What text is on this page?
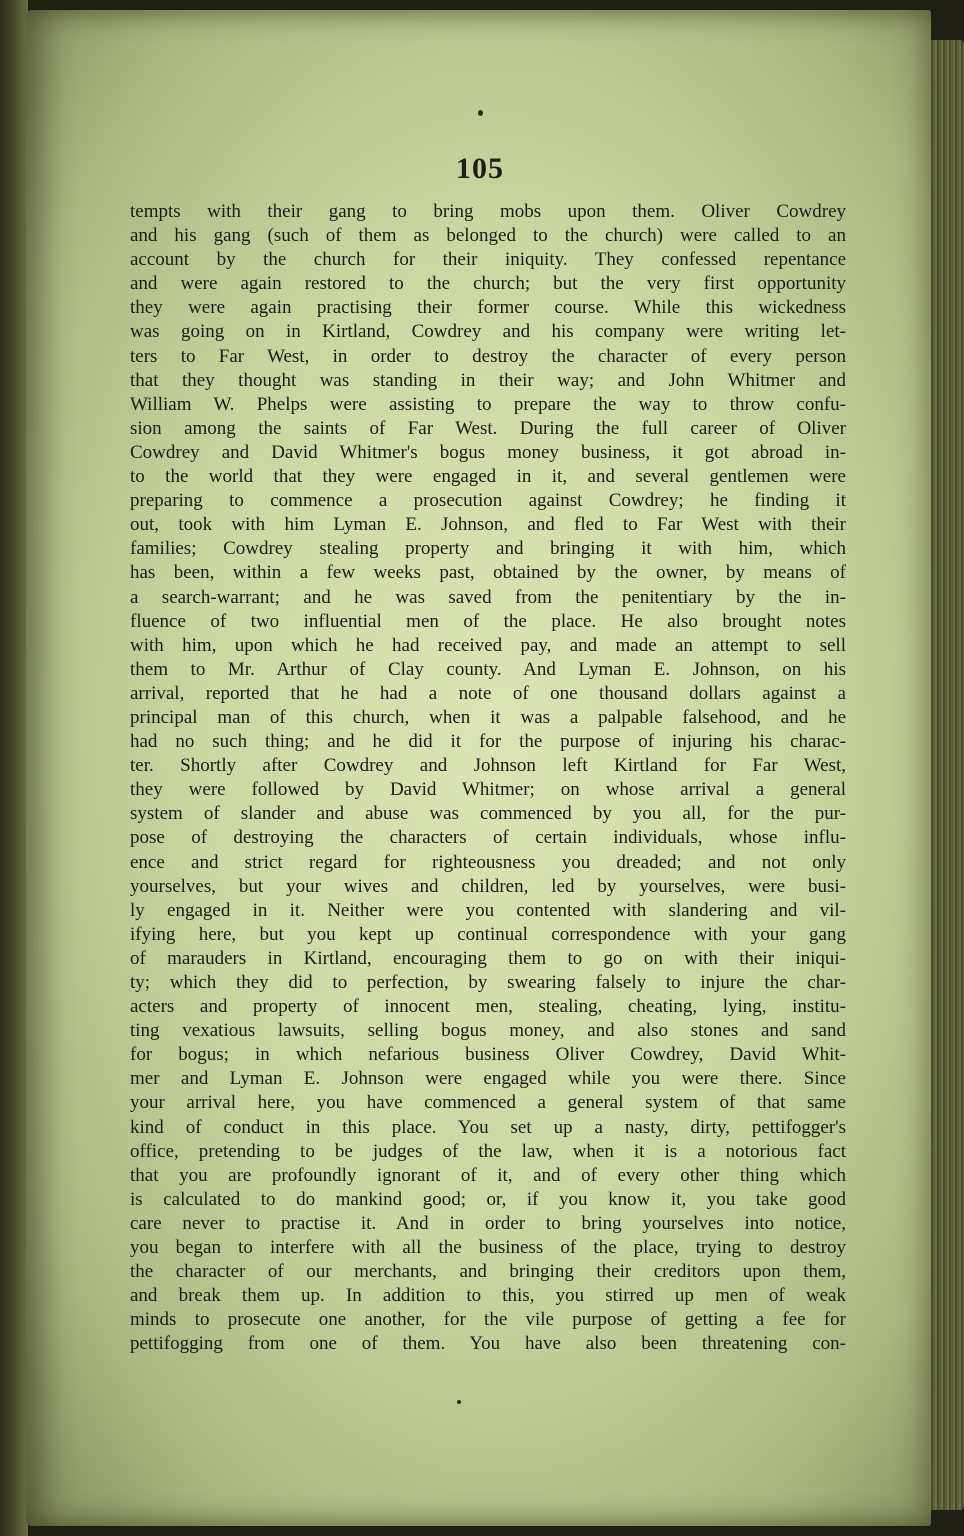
105
tempts with their gang to bring mobs upon them. Oliver Cowdrey
and his gang (such of them as belonged to the church) were called to an
account by the church for their iniquity. They confessed repentance
and were again restored to the church; but the very first opportunity
they were again practising their former course. While this wickedness
was going on in Kirtland, Cowdrey and his company were writing let-
ters to Far West, in order to destroy the character of every person
that they thought was standing in their way; and John Whitmer and
William W. Phelps were assisting to prepare the way to throw confu-
sion among the saints of Far West. During the full career of Oliver
Cowdrey and David Whitmer's bogus money business, it got abroad in-
to the world that they were engaged in it, and several gentlemen were
preparing to commence a prosecution against Cowdrey; he finding it
out, took with him Lyman E. Johnson, and fled to Far West with their
families; Cowdrey stealing property and bringing it with him, which
has been, within a few weeks past, obtained by the owner, by means of
a search-warrant; and he was saved from the penitentiary by the in-
fluence of two influential men of the place. He also brought notes
with him, upon which he had received pay, and made an attempt to sell
them to Mr. Arthur of Clay county. And Lyman E. Johnson, on his
arrival, reported that he had a note of one thousand dollars against a
principal man of this church, when it was a palpable falsehood, and he
had no such thing; and he did it for the purpose of injuring his charac-
ter. Shortly after Cowdrey and Johnson left Kirtland for Far West,
they were followed by David Whitmer; on whose arrival a general
system of slander and abuse was commenced by you all, for the pur-
pose of destroying the characters of certain individuals, whose influ-
ence and strict regard for righteousness you dreaded; and not only
yourselves, but your wives and children, led by yourselves, were busi-
ly engaged in it. Neither were you contented with slandering and vil-
ifying here, but you kept up continual correspondence with your gang
of marauders in Kirtland, encouraging them to go on with their iniqui-
ty; which they did to perfection, by swearing falsely to injure the char-
acters and property of innocent men, stealing, cheating, lying, institu-
ting vexatious lawsuits, selling bogus money, and also stones and sand
for bogus; in which nefarious business Oliver Cowdrey, David Whit-
mer and Lyman E. Johnson were engaged while you were there. Since
your arrival here, you have commenced a general system of that same
kind of conduct in this place. You set up a nasty, dirty, pettifogger's
office, pretending to be judges of the law, when it is a notorious fact
that you are profoundly ignorant of it, and of every other thing which
is calculated to do mankind good; or, if you know it, you take good
care never to practise it. And in order to bring yourselves into notice,
you began to interfere with all the business of the place, trying to destroy
the character of our merchants, and bringing their creditors upon them,
and break them up. In addition to this, you stirred up men of weak
minds to prosecute one another, for the vile purpose of getting a fee for
pettifogging from one of them. You have also been threatening con-
